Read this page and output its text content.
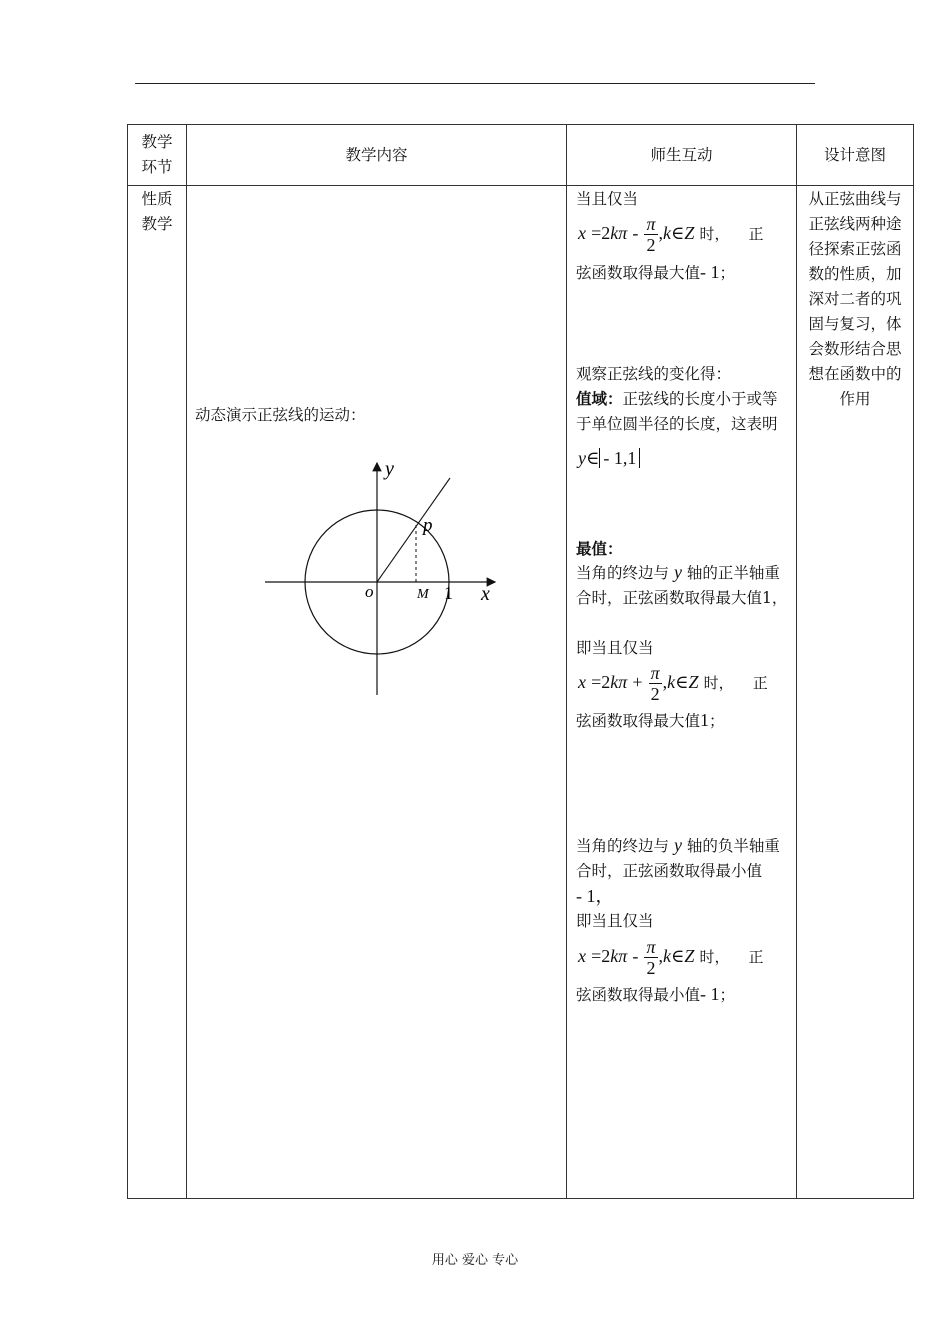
教学
环节
教学内容	师生互动	设计意图
性质
教学
动态演示正弦线的运动：
y
x
o
p
M 1
当且仅当
$x =2k\pi - \frac{\pi}{2}$ ,k∈Z 时， 正
弦函数取得最大值- 1；
观察正弦线的变化得：
值域：正弦线的长度小于或等于单位圆半径的长度，这表明
y∈ - 1,1
最值：
当角的终边与 y 轴的正半轴重合时，正弦函数取得最大值1，
即当且仅当
$x =2k\pi + \frac{\pi}{2}$ ,k∈Z 时， 正
弦函数取得最大值1；
当角的终边与 y 轴的负半轴重合时，正弦函数取得最小值
- 1，
即当且仅当
$x =2k\pi - \frac{\pi}{2}$ ,k∈Z 时， 正
弦函数取得最小值- 1；
从正弦曲线与正弦线两种途径探索正弦函数的性质，加深对二者的巩固与复习，体会数形结合思想在函数中的作用
用心 爱心 专心
